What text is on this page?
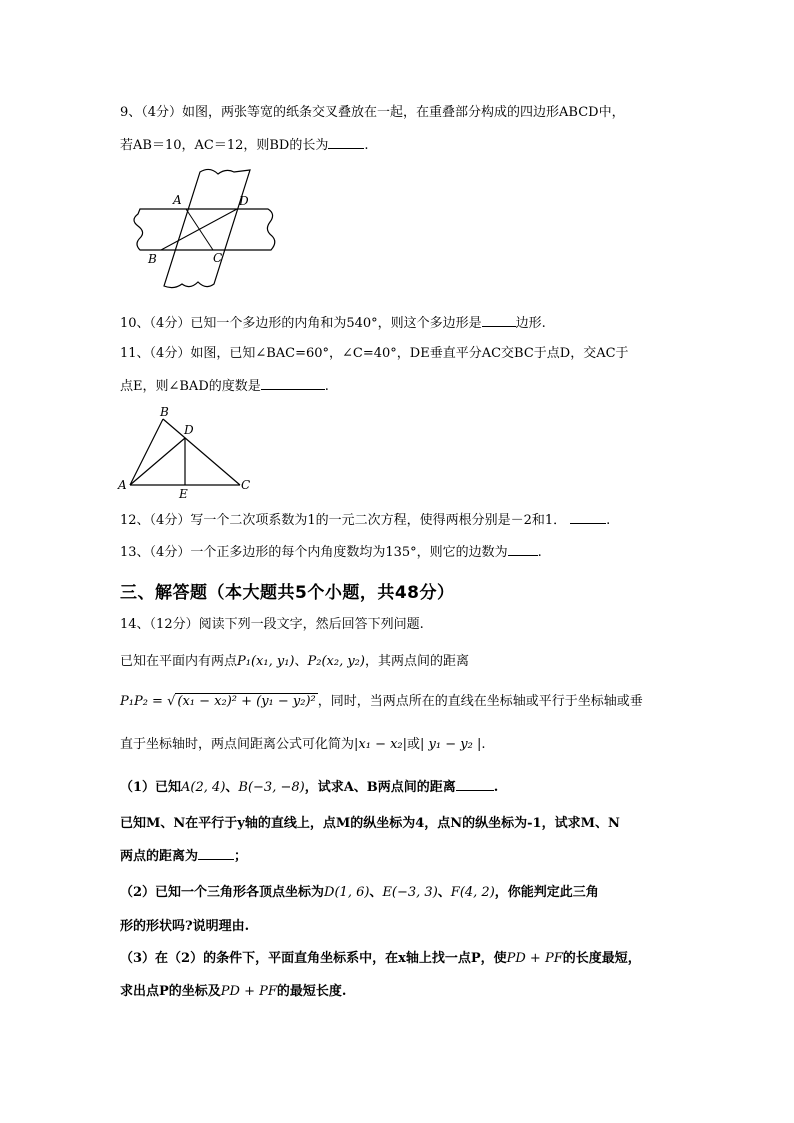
9、（4分）如图，两张等宽的纸条交叉叠放在一起，在重叠部分构成的四边形ABCD中，
若AB＝10，AC＝12，则BD的长为	.
A	D
B	C
10、（4分）已知一个多边形的内角和为540°，则这个多边形是	边形.
11、（4分）如图，已知∠BAC=60°，∠C=40°，DE垂直平分AC交BC于点D，交AC于
点E，则∠BAD的度数是	.
B
D
A
E
C
12、（4分）写一个二次项系数为1的一元二次方程，使得两根分别是－2和1．	.
13、（4分）一个正多边形的每个内角度数均为135°，则它的边数为 .
三、解答题（本大题共5个小题，共48分）
14、（12分）阅读下列一段文字，然后回答下列问题.
已知在平面内有两点P₁(x₁, y₁)、P₂(x₂, y₂)，其两点间的距离
P₁P₂ = √ (x₁ − x₂)² + (y₁ − y₂)² ，同时，当两点所在的直线在坐标轴或平行于坐标轴或垂
直于坐标轴时，两点间距离公式可化简为|x₁ − x₂|或| y₁ − y₂ |.
（1）已知A(2, 4)、B(−3, −8)，试求A、B两点间的距离	.
已知M、N在平行于y轴的直线上，点M的纵坐标为4，点N的纵坐标为-1，试求M、N
两点的距离为	；
（2）已知一个三角形各顶点坐标为D(1, 6)、E(−3, 3)、F(4, 2)，你能判定此三角
形的形状吗?说明理由.
（3）在（2）的条件下，平面直角坐标系中，在x轴上找一点P，使PD + PF的长度最短，
求出点P的坐标及PD + PF的最短长度.
